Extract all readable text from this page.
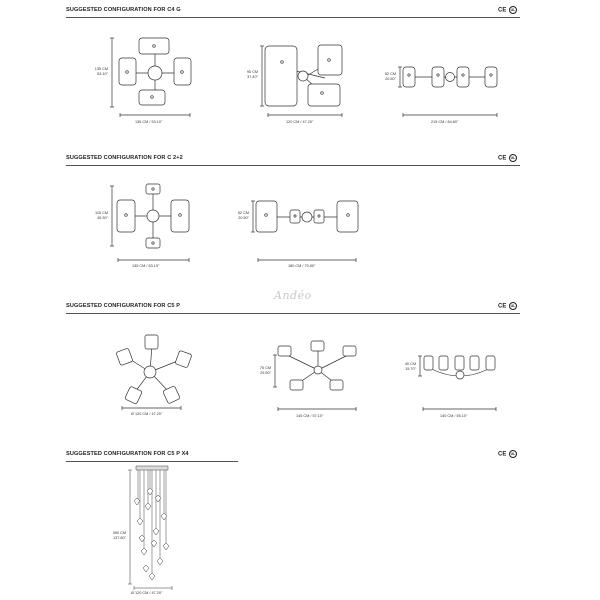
SUGGESTED CONFIGURATION FOR C4 G	CE UL
135 CM
53.10"
135 CM / 53.10"
95 CM
37.40"
120 CM / 47.20"
52 CM
20.50"
215 CM / 84.60"
SUGGESTED CONFIGURATION FOR C 2+2	CE UL
115 CM
45.30"
135 CM / 53.10"
52 CM
20.50"
180 CM / 70.90"
Andéo
SUGGESTED CONFIGURATION FOR C5 P	CE UL
Ø 120 CM / 47.20"
75 CM
29.50"
145 CM / 57.10"
40 CM
15.70"
140 CM / 55.10"
SUGGESTED CONFIGURATION FOR C5 P X4	CE UL
350 CM
137.80"
Ø 120 CM / 47.20"
